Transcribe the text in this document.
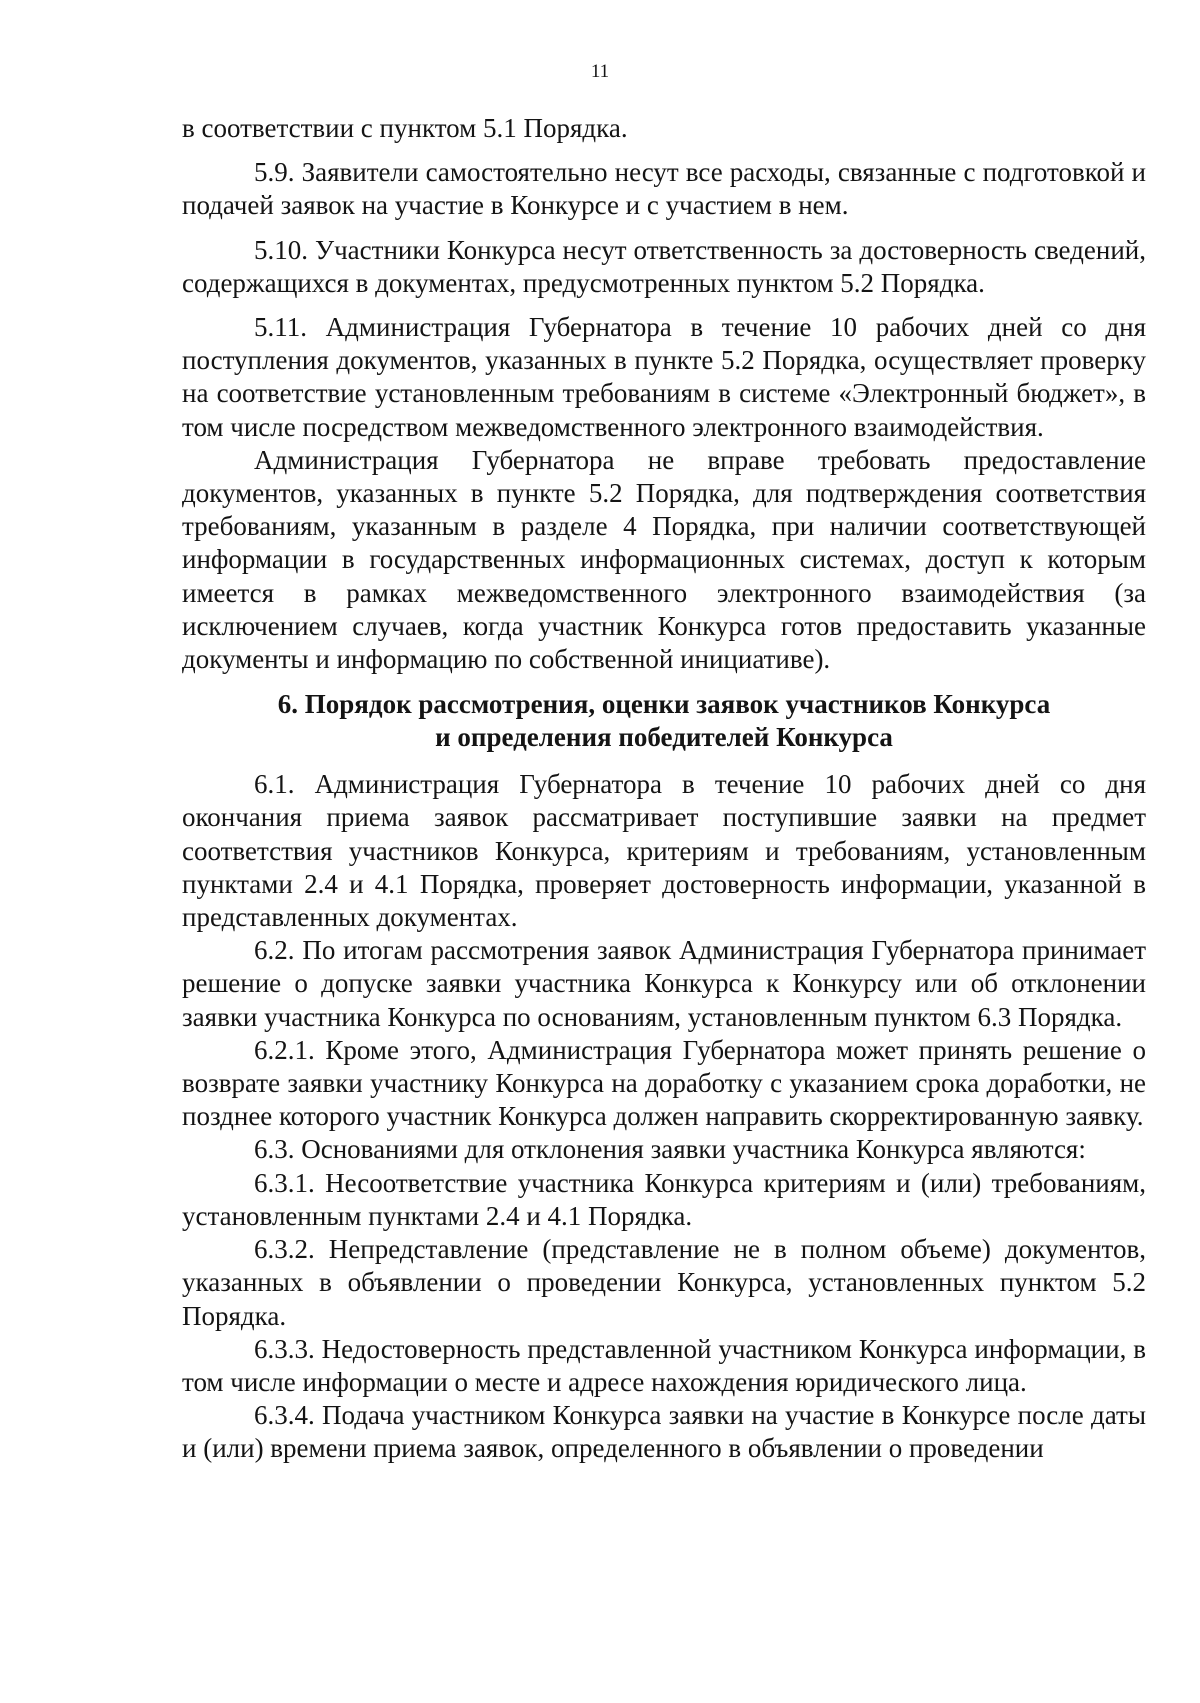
11

в соответствии с пунктом 5.1 Порядка.

5.9. Заявители самостоятельно несут все расходы, связанные с подготовкой и подачей заявок на участие в Конкурсе и с участием в нем.

5.10. Участники Конкурса несут ответственность за достоверность сведений, содержащихся в документах, предусмотренных пунктом 5.2 Порядка.

5.11. Администрация Губернатора в течение 10 рабочих дней со дня поступления документов, указанных в пункте 5.2 Порядка, осуществляет проверку на соответствие установленным требованиям в системе «Электронный бюджет», в том числе посредством межведомственного электронного взаимодействия.

Администрация Губернатора не вправе требовать предоставление документов, указанных в пункте 5.2 Порядка, для подтверждения соответствия требованиям, указанным в разделе 4 Порядка, при наличии соответствующей информации в государственных информационных системах, доступ к которым имеется в рамках межведомственного электронного взаимодействия (за исключением случаев, когда участник Конкурса готов предоставить указанные документы и информацию по собственной инициативе).

6. Порядок рассмотрения, оценки заявок участников Конкурса
и определения победителей Конкурса

6.1. Администрация Губернатора в течение 10 рабочих дней со дня окончания приема заявок рассматривает поступившие заявки на предмет соответствия участников Конкурса, критериям и требованиям, установленным пунктами 2.4 и 4.1 Порядка, проверяет достоверность информации, указанной в представленных документах.

6.2. По итогам рассмотрения заявок Администрация Губернатора принимает решение о допуске заявки участника Конкурса к Конкурсу или об отклонении заявки участника Конкурса по основаниям, установленным пунктом 6.3 Порядка.

6.2.1. Кроме этого, Администрация Губернатора может принять решение о возврате заявки участнику Конкурса на доработку с указанием срока доработки, не позднее которого участник Конкурса должен направить скорректированную заявку.

6.3. Основаниями для отклонения заявки участника Конкурса являются:

6.3.1. Несоответствие участника Конкурса критериям и (или) требованиям, установленным пунктами 2.4 и 4.1 Порядка.

6.3.2. Непредставление (представление не в полном объеме) документов, указанных в объявлении о проведении Конкурса, установленных пунктом 5.2 Порядка.

6.3.3. Недостоверность представленной участником Конкурса информации, в том числе информации о месте и адресе нахождения юридического лица.

6.3.4. Подача участником Конкурса заявки на участие в Конкурсе после даты и (или) времени приема заявок, определенного в объявлении о проведении
